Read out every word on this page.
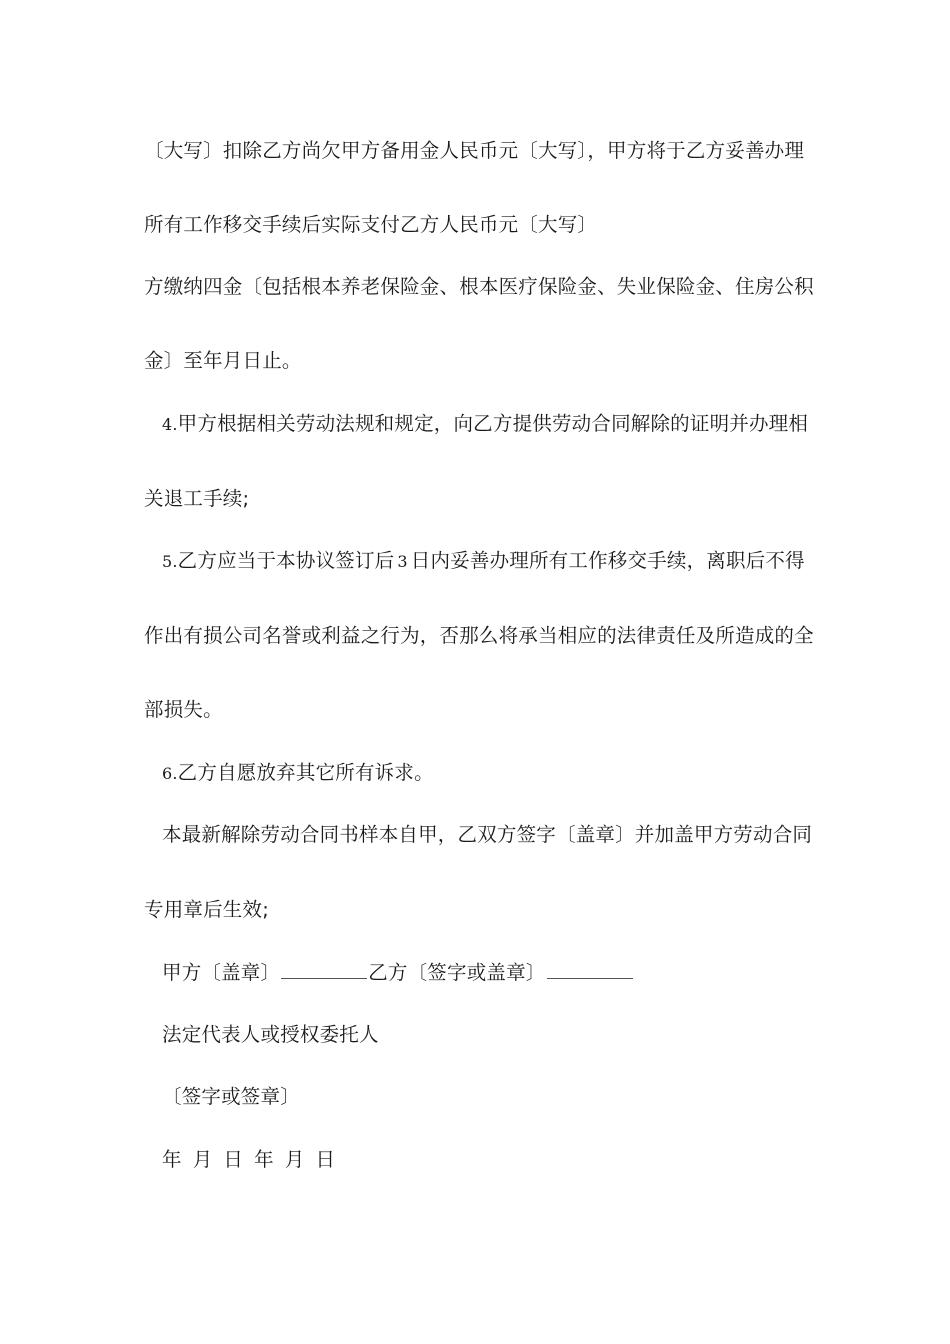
〔大写〕扣除乙方尚欠甲方备用金人民币元〔大写〕，甲方将于乙方妥善办理
所有工作移交手续后实际支付乙方人民币元〔大写〕
方缴纳四金〔包括根本养老保险金、根本医疗保险金、失业保险金、住房公积
金〕至年月日止。
4.甲方根据相关劳动法规和规定，向乙方提供劳动合同解除的证明并办理相
关退工手续;
5.乙方应当于本协议签订后 3 日内妥善办理所有工作移交手续，离职后不得
作出有损公司名誉或利益之行为，否那么将承当相应的法律责任及所造成的全
部损失。
6.乙方自愿放弃其它所有诉求。
本最新解除劳动合同书样本自甲，乙双方签字〔盖章〕并加盖甲方劳动合同
专用章后生效;
甲方〔盖章〕	乙方〔签字或盖章〕
法定代表人或授权委托人
〔签字或签章〕
年 月 日 年 月 日
